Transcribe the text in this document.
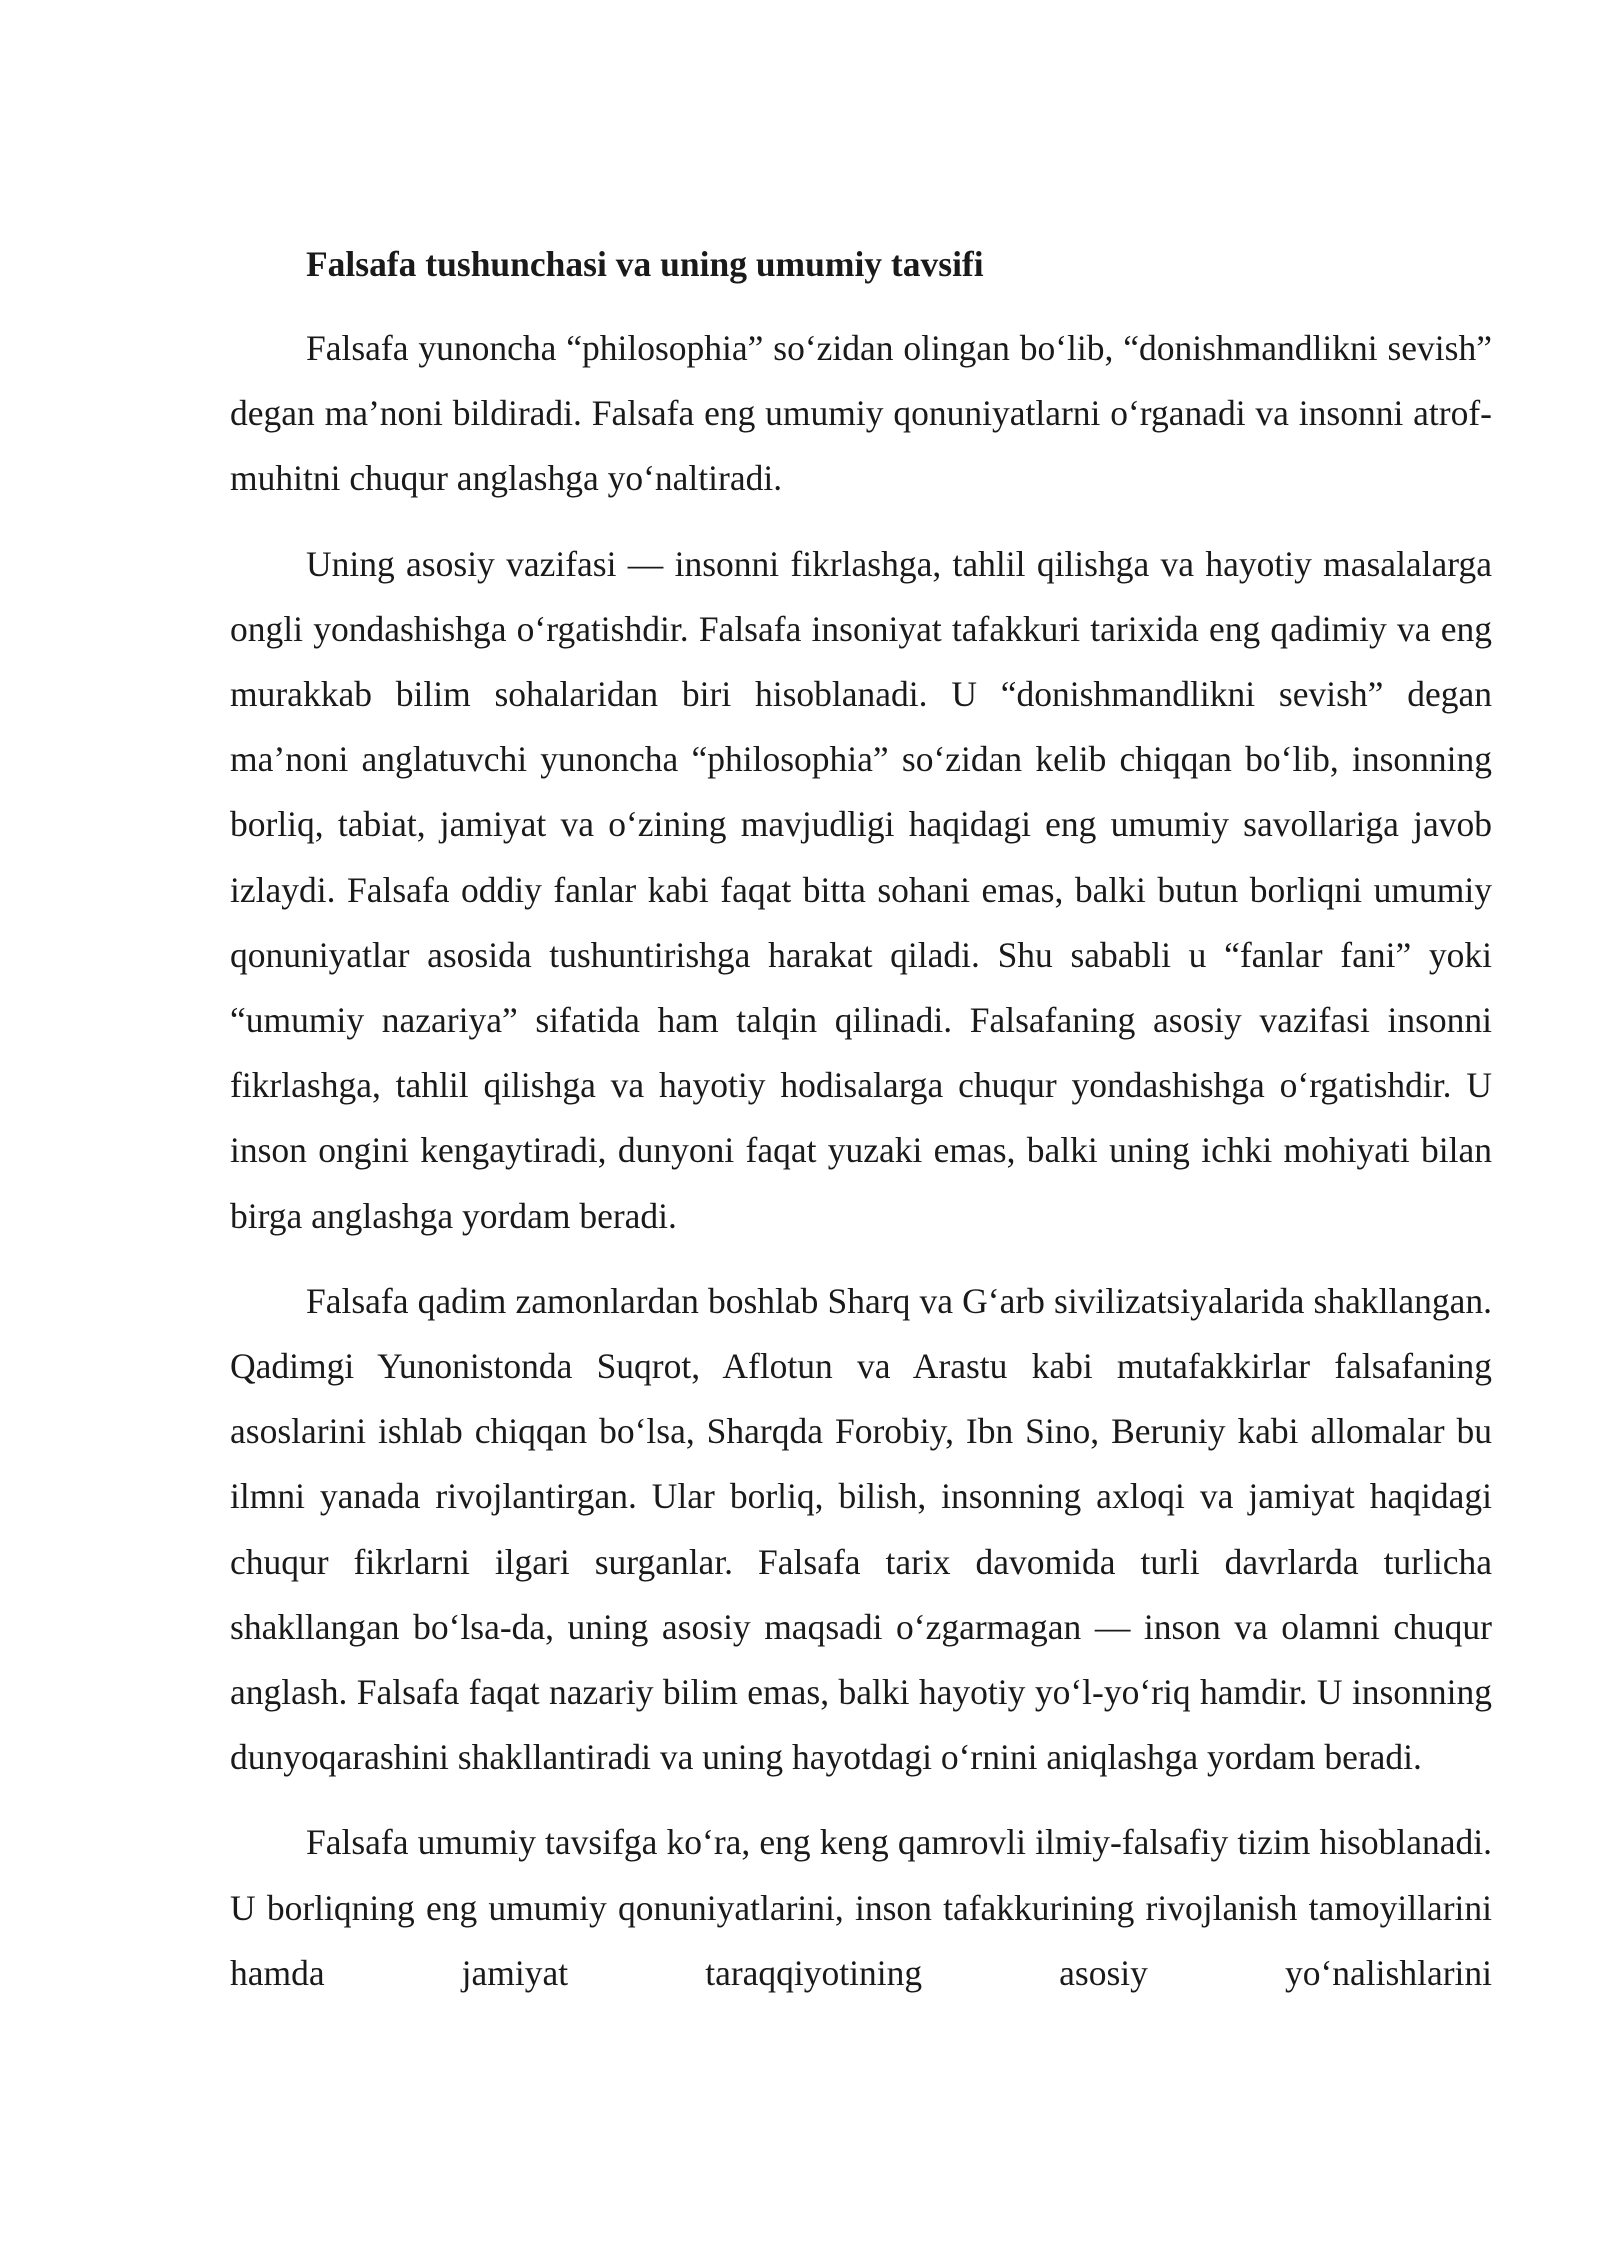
Falsafa tushunchasi va uning umumiy tavsifi

Falsafa yunoncha “philosophia” so‘zidan olingan bo‘lib, “donishmandlikni sevish” degan ma’noni bildiradi. Falsafa eng umumiy qonuniyatlarni o‘rganadi va insonni atrof-muhitni chuqur anglashga yo‘naltiradi.

Uning asosiy vazifasi — insonni fikrlashga, tahlil qilishga va hayotiy masalalarga ongli yondashishga o‘rgatishdir. Falsafa insoniyat tafakkuri tarixida eng qadimiy va eng murakkab bilim sohalaridan biri hisoblanadi. U “donishmandlikni sevish” degan ma’noni anglatuvchi yunoncha “philosophia” so‘zidan kelib chiqqan bo‘lib, insonning borliq, tabiat, jamiyat va o‘zining mavjudligi haqidagi eng umumiy savollariga javob izlaydi. Falsafa oddiy fanlar kabi faqat bitta sohani emas, balki butun borliqni umumiy qonuniyatlar asosida tushuntirishga harakat qiladi. Shu sababli u “fanlar fani” yoki “umumiy nazariya” sifatida ham talqin qilinadi. Falsafaning asosiy vazifasi insonni fikrlashga, tahlil qilishga va hayotiy hodisalarga chuqur yondashishga o‘rgatishdir. U inson ongini kengaytiradi, dunyoni faqat yuzaki emas, balki uning ichki mohiyati bilan birga anglashga yordam beradi.

Falsafa qadim zamonlardan boshlab Sharq va G‘arb sivilizatsiyalarida shakllangan. Qadimgi Yunonistonda Suqrot, Aflotun va Arastu kabi mutafakkirlar falsafaning asoslarini ishlab chiqqan bo‘lsa, Sharqda Forobiy, Ibn Sino, Beruniy kabi allomalar bu ilmni yanada rivojlantirgan. Ular borliq, bilish, insonning axloqi va jamiyat haqidagi chuqur fikrlarni ilgari surganlar. Falsafa tarix davomida turli davrlarda turlicha shakllangan bo‘lsa-da, uning asosiy maqsadi o‘zgarmagan — inson va olamni chuqur anglash. Falsafa faqat nazariy bilim emas, balki hayotiy yo‘l-yo‘riq hamdir. U insonning dunyoqarashini shakllantiradi va uning hayotdagi o‘rnini aniqlashga yordam beradi.

Falsafa umumiy tavsifga ko‘ra, eng keng qamrovli ilmiy-falsafiy tizim hisoblanadi. U borliqning eng umumiy qonuniyatlarini, inson tafakkurining rivojlanish tamoyillarini hamda jamiyat taraqqiyotining asosiy yo‘nalishlarini
